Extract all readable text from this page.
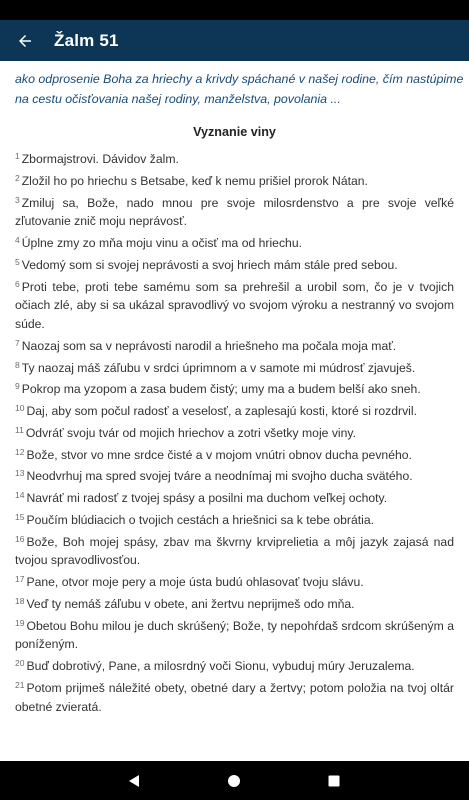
Žalm 51
ako odprosenie Boha za hriechy a krivdy spáchané v našej rodine, čím nastúpime
na cestu očisťovania našej rodiny, manželstva, povolania ...
Vyznanie viny
$^1$ Zbormajstrovi. Dávidov žalm.
$^2$ Zložil ho po hriechu s Betsabe, keď k nemu prišiel prorok Nátan.
$^3$ Zmiluj sa, Bože, nado mnou pre svoje milosrdenstvo a pre svoje veľké zľutovanie znič moju neprávosť.
$^4$ Úplne zmy zo mňa moju vinu a očisť ma od hriechu.
$^5$ Vedomý som si svojej neprávosti a svoj hriech mám stále pred sebou.
$^6$ Proti tebe, proti tebe samému som sa prehrešil a urobil som, čo je v tvojich očiach zlé, aby si sa ukázal spravodlivý vo svojom výroku a nestranný vo svojom súde.
$^7$ Naozaj som sa v neprávosti narodil a hriešneho ma počala moja mať.
$^8$ Ty naozaj máš záľubu v srdci úprimnom a v samote mi múdrosť zjavuješ.
$^9$ Pokrop ma yzopom a zasa budem čistý; umy ma a budem belší ako sneh.
$^{10}$ Daj, aby som počul radosť a veselosť, a zaplesajú kosti, ktoré si rozdrvil.
$^{11}$ Odvráť svoju tvár od mojich hriechov a zotri všetky moje viny.
$^{12}$ Bože, stvor vo mne srdce čisté a v mojom vnútri obnov ducha pevného.
$^{13}$ Neodvrhuj ma spred svojej tváre a neodnímaj mi svojho ducha svätého.
$^{14}$ Navráť mi radosť z tvojej spásy a posilni ma duchom veľkej ochoty.
$^{15}$ Poučím blúdiacich o tvojich cestách a hriešnici sa k tebe obrátia.
$^{16}$ Bože, Boh mojej spásy, zbav ma škvrny krviprelietia a môj jazyk zajasá nad tvojou spravodlivosťou.
$^{17}$ Pane, otvor moje pery a moje ústa budú ohlasovať tvoju slávu.
$^{18}$ Veď ty nemáš záľubu v obete, ani žertvu neprijmeš odo mňa.
$^{19}$ Obetou Bohu milou je duch skrúšený; Bože, ty nepohŕdaš srdcom skrúšeným a poníženým.
$^{20}$ Buď dobrotivý, Pane, a milosrdný voči Sionu, vybuduj múry Jeruzalema.
$^{21}$ Potom prijmeš náležité obety, obetné dary a žertvy; potom položia na tvoj oltár obetné zvieratá.
